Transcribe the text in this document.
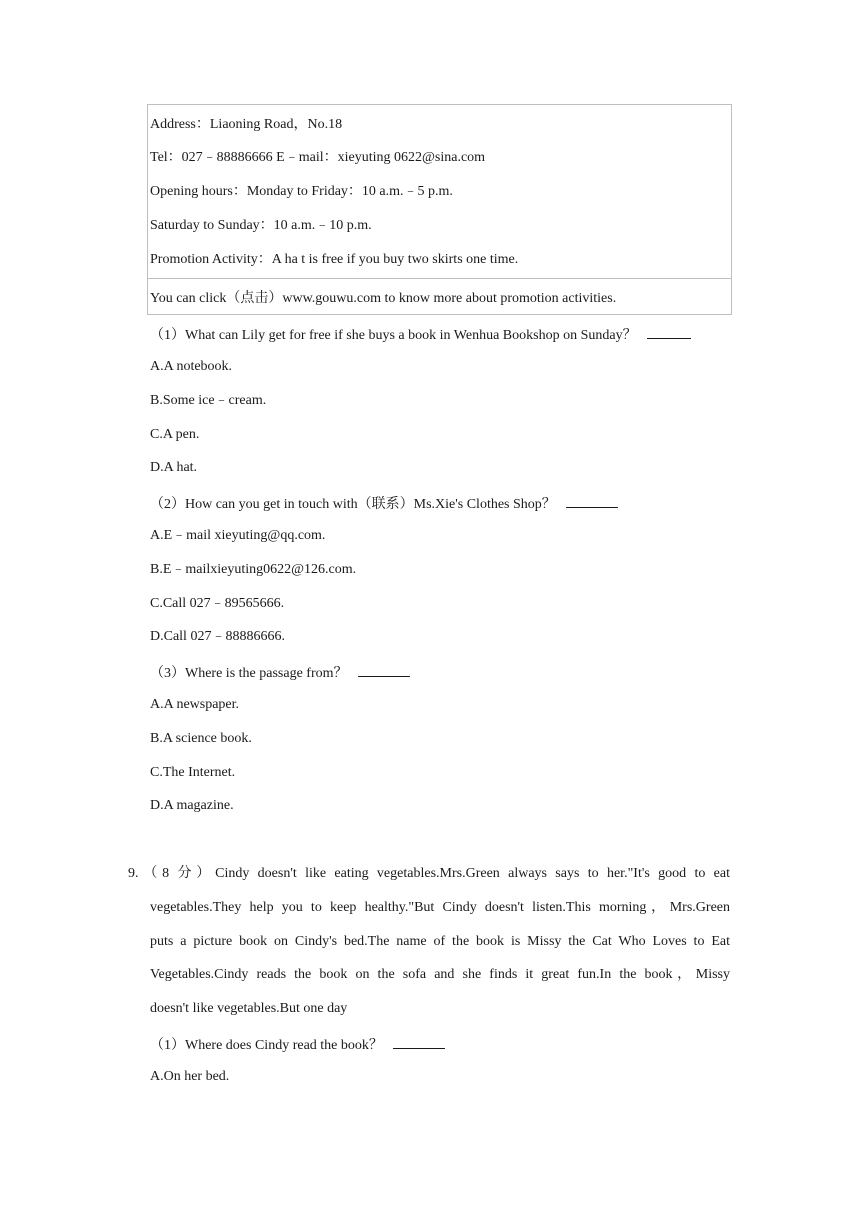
Address：Liaoning Road，No.18
Tel：027﹣88886666 E﹣mail：xieyuting 0622@sina.com
Opening hours：Monday to Friday：10 a.m.﹣5 p.m.
Saturday to Sunday：10 a.m.﹣10 p.m.
Promotion Activity：A ha t is free if you buy two skirts one time.
You can click（点击）www.gouwu.com to know more about promotion activities.
（1）What can Lily get for free if she buys a book in Wenhua Bookshop on Sunday？
A.A notebook.
B.Some ice﹣cream.
C.A pen.
D.A hat.
（2）How can you get in touch with（联系）Ms.Xie's Clothes Shop？
A.E﹣mail xieyuting@qq.com.
B.E﹣mailxieyuting0622@126.com.
C.Call 027﹣89565666.
D.Call 027﹣88886666.
（3）Where is the passage from？
A.A newspaper.
B.A science book.
C.The Internet.
D.A magazine.
9.（8 分）Cindy doesn't like eating vegetables.Mrs.Green always says to her."It's good to eat
vegetables.They help you to keep healthy."But Cindy doesn't listen.This morning，Mrs.Green
puts a picture book on Cindy's bed.The name of the book is Missy the Cat Who Loves to Eat
Vegetables.Cindy reads the book on the sofa and she finds it great fun.In the book，Missy
doesn't like vegetables.But one day
（1）Where does Cindy read the book？
A.On her bed.
